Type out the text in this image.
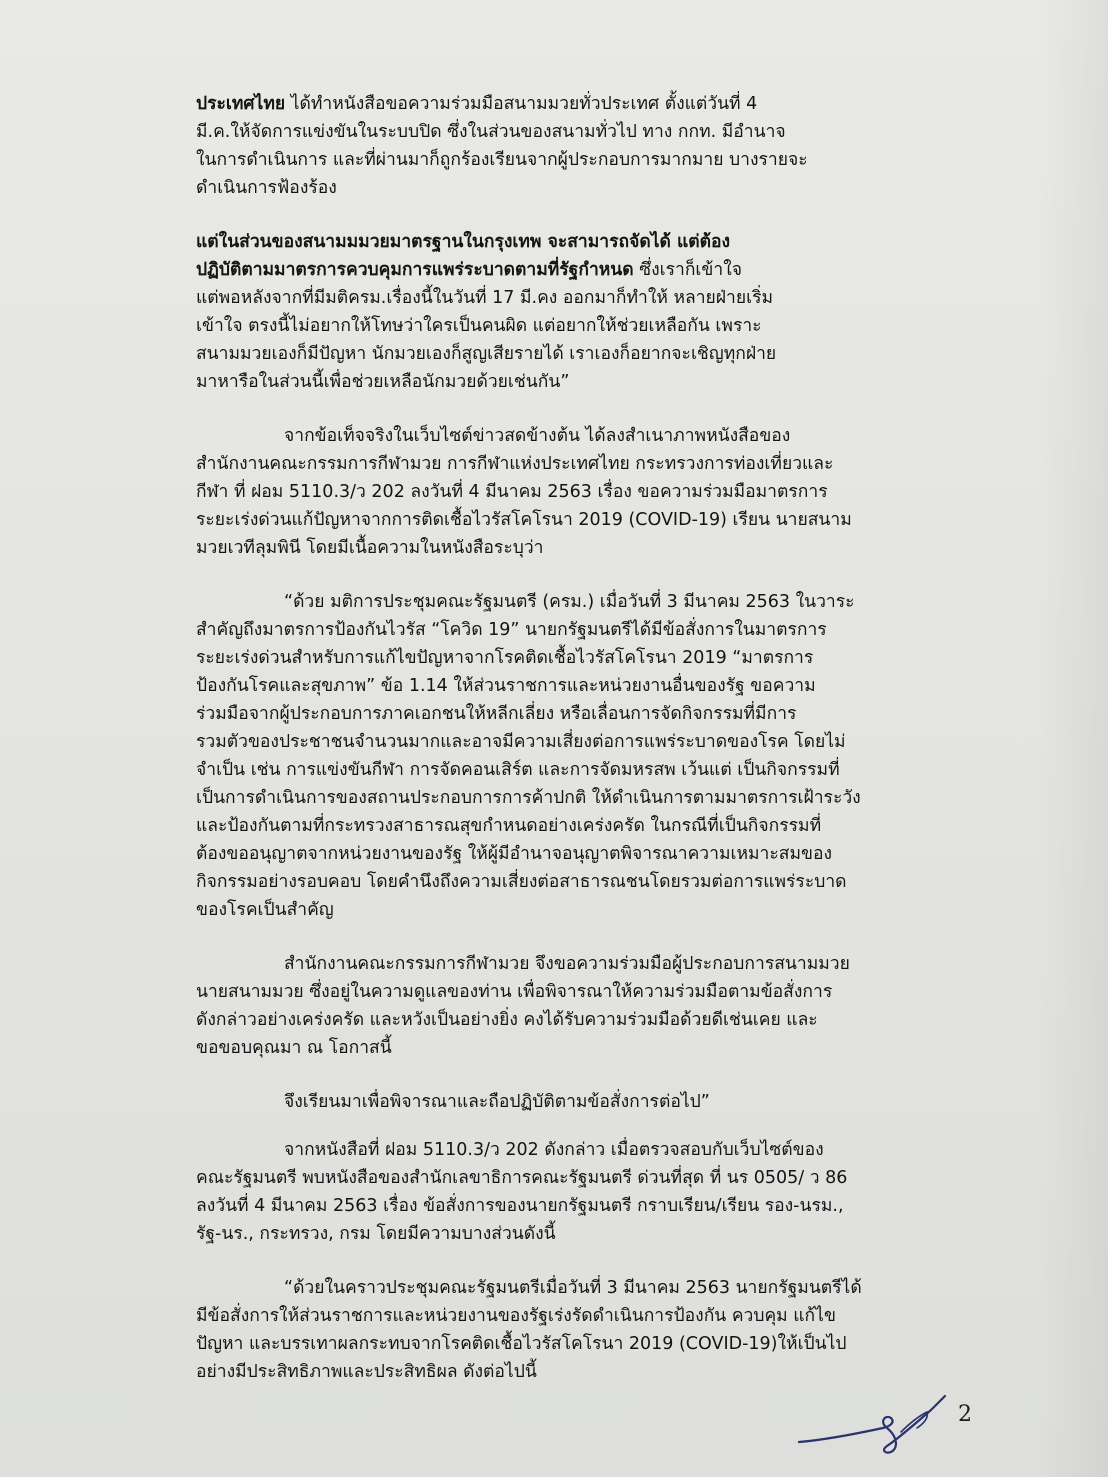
ประเทศไทย ได้ทำหนังสือขอความร่วมมือสนามมวยทั่วประเทศ ตั้งแต่วันที่ 4
มี.ค.ให้จัดการแข่งขันในระบบปิด ซึ่งในส่วนของสนามทั่วไป ทาง กกท. มีอำนาจ
ในการดำเนินการ และที่ผ่านมาก็ถูกร้องเรียนจากผู้ประกอบการมากมาย บางรายจะ
ดำเนินการฟ้องร้อง
แต่ในส่วนของสนามมมวยมาตรฐานในกรุงเทพ จะสามารถจัดได้ แต่ต้อง
ปฏิบัติตามมาตรการควบคุมการแพร่ระบาดตามที่รัฐกำหนด ซึ่งเราก็เข้าใจ
แต่พอหลังจากที่มีมติครม.เรื่องนี้ในวันที่ 17 มี.คง ออกมาก็ทำให้ หลายฝ่ายเริ่ม
เข้าใจ ตรงนี้ไม่อยากให้โทษว่าใครเป็นคนผิด แต่อยากให้ช่วยเหลือกัน เพราะ
สนามมวยเองก็มีปัญหา นักมวยเองก็สูญเสียรายได้ เราเองก็อยากจะเชิญทุกฝ่าย
มาหารือในส่วนนี้เพื่อช่วยเหลือนักมวยด้วยเช่นกัน”
จากข้อเท็จจริงในเว็บไซต์ข่าวสดข้างต้น ได้ลงสำเนาภาพหนังสือของ
สำนักงานคณะกรรมการกีฬามวย การกีฬาแห่งประเทศไทย กระทรวงการท่องเที่ยวและ
กีฬา ที่ ฝอม 5110.3/ว 202 ลงวันที่ 4 มีนาคม 2563 เรื่อง ขอความร่วมมือมาตรการ
ระยะเร่งด่วนแก้ปัญหาจากการติดเชื้อไวรัสโคโรนา 2019 (COVID-19) เรียน นายสนาม
มวยเวทีลุมพินี โดยมีเนื้อความในหนังสือระบุว่า
“ด้วย มติการประชุมคณะรัฐมนตรี (ครม.) เมื่อวันที่ 3 มีนาคม 2563 ในวาระ
สำคัญถึงมาตรการป้องกันไวรัส “โควิด 19” นายกรัฐมนตรีได้มีข้อสั่งการในมาตรการ
ระยะเร่งด่วนสำหรับการแก้ไขปัญหาจากโรคติดเชื้อไวรัสโคโรนา 2019 “มาตรการ
ป้องกันโรคและสุขภาพ” ข้อ 1.14 ให้ส่วนราชการและหน่วยงานอื่นของรัฐ ขอความ
ร่วมมือจากผู้ประกอบการภาคเอกชนให้หลีกเลี่ยง หรือเลื่อนการจัดกิจกรรมที่มีการ
รวมตัวของประชาชนจำนวนมากและอาจมีความเสี่ยงต่อการแพร่ระบาดของโรค โดยไม่
จำเป็น เช่น การแข่งขันกีฬา การจัดคอนเสิร์ต และการจัดมหรสพ เว้นแต่ เป็นกิจกรรมที่
เป็นการดำเนินการของสถานประกอบการการค้าปกติ ให้ดำเนินการตามมาตรการเฝ้าระวัง
และป้องกันตามที่กระทรวงสาธารณสุขกำหนดอย่างเคร่งครัด ในกรณีที่เป็นกิจกรรมที่
ต้องขออนุญาตจากหน่วยงานของรัฐ ให้ผู้มีอำนาจอนุญาตพิจารณาความเหมาะสมของ
กิจกรรมอย่างรอบคอบ โดยคำนึงถึงความเสี่ยงต่อสาธารณชนโดยรวมต่อการแพร่ระบาด
ของโรคเป็นสำคัญ
สำนักงานคณะกรรมการกีฬามวย จึงขอความร่วมมือผู้ประกอบการสนามมวย
นายสนามมวย ซึ่งอยู่ในความดูแลของท่าน เพื่อพิจารณาให้ความร่วมมือตามข้อสั่งการ
ดังกล่าวอย่างเคร่งครัด และหวังเป็นอย่างยิ่ง คงได้รับความร่วมมือด้วยดีเช่นเคย และ
ขอขอบคุณมา ณ โอกาสนี้
จึงเรียนมาเพื่อพิจารณาและถือปฏิบัติตามข้อสั่งการต่อไป”
จากหนังสือที่ ฝอม 5110.3/ว 202 ดังกล่าว เมื่อตรวจสอบกับเว็บไซต์ของ
คณะรัฐมนตรี พบหนังสือของสำนักเลขาธิการคณะรัฐมนตรี ด่วนที่สุด ที่ นร 0505/ ว 86
ลงวันที่ 4 มีนาคม 2563 เรื่อง ข้อสั่งการของนายกรัฐมนตรี กราบเรียน/เรียน รอง-นรม.,
รัฐ-นร., กระทรวง, กรม โดยมีความบางส่วนดังนี้
“ด้วยในคราวประชุมคณะรัฐมนตรีเมื่อวันที่ 3 มีนาคม 2563 นายกรัฐมนตรีได้
มีข้อสั่งการให้ส่วนราชการและหน่วยงานของรัฐเร่งรัดดำเนินการป้องกัน ควบคุม แก้ไข
ปัญหา และบรรเทาผลกระทบจากโรคติดเชื้อไวรัสโคโรนา 2019 (COVID-19)ให้เป็นไป
อย่างมีประสิทธิภาพและประสิทธิผล ดังต่อไปนี้
2
